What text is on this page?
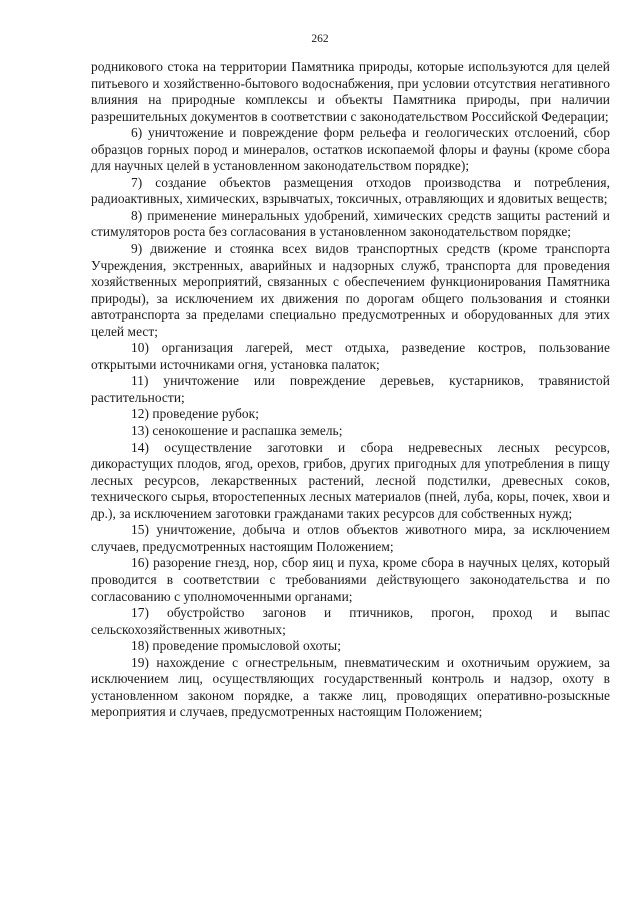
262

родникового стока на территории Памятника природы, которые используются для целей питьевого и хозяйственно-бытового водоснабжения, при условии отсутствия негативного влияния на природные комплексы и объекты Памятника природы, при наличии разрешительных документов в соответствии с законодательством Российской Федерации;

6) уничтожение и повреждение форм рельефа и геологических отслоений, сбор образцов горных пород и минералов, остатков ископаемой флоры и фауны (кроме сбора для научных целей в установленном законодательством порядке);

7) создание объектов размещения отходов производства и потребления, радиоактивных, химических, взрывчатых, токсичных, отравляющих и ядовитых веществ;

8) применение минеральных удобрений, химических средств защиты растений и стимуляторов роста без согласования в установленном законодательством порядке;

9) движение и стоянка всех видов транспортных средств (кроме транспорта Учреждения, экстренных, аварийных и надзорных служб, транспорта для проведения хозяйственных мероприятий, связанных с обеспечением функционирования Памятника природы), за исключением их движения по дорогам общего пользования и стоянки автотранспорта за пределами специально предусмотренных и оборудованных для этих целей мест;

10) организация лагерей, мест отдыха, разведение костров, пользование открытыми источниками огня, установка палаток;

11) уничтожение или повреждение деревьев, кустарников, травянистой растительности;

12) проведение рубок;

13) сенокошение и распашка земель;

14) осуществление заготовки и сбора недревесных лесных ресурсов, дикорастущих плодов, ягод, орехов, грибов, других пригодных для употребления в пищу лесных ресурсов, лекарственных растений, лесной подстилки, древесных соков, технического сырья, второстепенных лесных материалов (пней, луба, коры, почек, хвои и др.), за исключением заготовки гражданами таких ресурсов для собственных нужд;

15) уничтожение, добыча и отлов объектов животного мира, за исключением случаев, предусмотренных настоящим Положением;

16) разорение гнезд, нор, сбор яиц и пуха, кроме сбора в научных целях, который проводится в соответствии с требованиями действующего законодательства и по согласованию с уполномоченными органами;

17) обустройство загонов и птичников, прогон, проход и выпас сельскохозяйственных животных;

18) проведение промысловой охоты;

19) нахождение с огнестрельным, пневматическим и охотничьим оружием, за исключением лиц, осуществляющих государственный контроль и надзор, охоту в установленном законом порядке, а также лиц, проводящих оперативно-розыскные мероприятия и случаев, предусмотренных настоящим Положением;
